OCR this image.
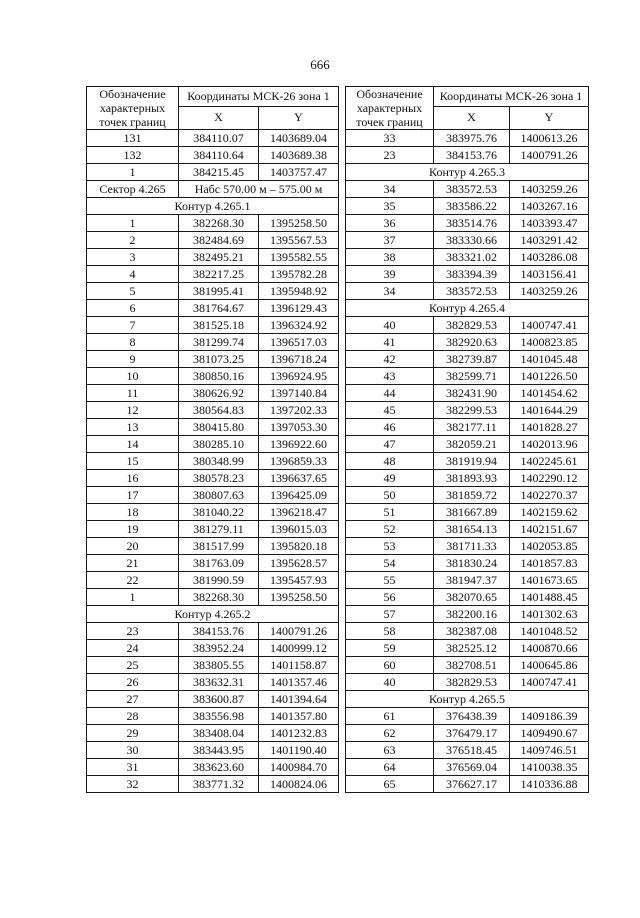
666
Обозначение характерных точек границ	Координаты МСК-26 зона 1	
	X	Y
131	384110.07	1403689.04
132	384110.64	1403689.38
1	384215.45	1403757.47
Сектор 4.265	Набс 570.00 м – 575.00 м	
Контур 4.265.1		
1	382268.30	1395258.50
2	382484.69	1395567.53
3	382495.21	1395582.55
4	382217.25	1395782.28
5	381995.41	1395948.92
6	381764.67	1396129.43
7	381525.18	1396324.92
8	381299.74	1396517.03
9	381073.25	1396718.24
10	380850.16	1396924.95
11	380626.92	1397140.84
12	380564.83	1397202.33
13	380415.80	1397053.30
14	380285.10	1396922.60
15	380348.99	1396859.33
16	380578.23	1396637.65
17	380807.63	1396425.09
18	381040.22	1396218.47
19	381279.11	1396015.03
20	381517.99	1395820.18
21	381763.09	1395628.57
22	381990.59	1395457.93
1	382268.30	1395258.50
Контур 4.265.2		
23	384153.76	1400791.26
24	383952.24	1400999.12
25	383805.55	1401158.87
26	383632.31	1401357.46
27	383600.87	1401394.64
28	383556.98	1401357.80
29	383408.04	1401232.83
30	383443.95	1401190.40
31	383623.60	1400984.70
32	383771.32	1400824.06
Обозначение характерных точек границ	Координаты МСК-26 зона 1	
	X	Y
33	383975.76	1400613.26
23	384153.76	1400791.26
Контур 4.265.3		
34	383572.53	1403259.26
35	383586.22	1403267.16
36	383514.76	1403393.47
37	383330.66	1403291.42
38	383321.02	1403286.08
39	383394.39	1403156.41
34	383572.53	1403259.26
Контур 4.265.4		
40	382829.53	1400747.41
41	382920.63	1400823.85
42	382739.87	1401045.48
43	382599.71	1401226.50
44	382431.90	1401454.62
45	382299.53	1401644.29
46	382177.11	1401828.27
47	382059.21	1402013.96
48	381919.94	1402245.61
49	381893.93	1402290.12
50	381859.72	1402270.37
51	381667.89	1402159.62
52	381654.13	1402151.67
53	381711.33	1402053.85
54	381830.24	1401857.83
55	381947.37	1401673.65
56	382070.65	1401488.45
57	382200.16	1401302.63
58	382387.08	1401048.52
59	382525.12	1400870.66
60	382708.51	1400645.86
40	382829.53	1400747.41
Контур 4.265.5		
61	376438.39	1409186.39
62	376479.17	1409490.67
63	376518.45	1409746.51
64	376569.04	1410038.35
65	376627.17	1410336.88
